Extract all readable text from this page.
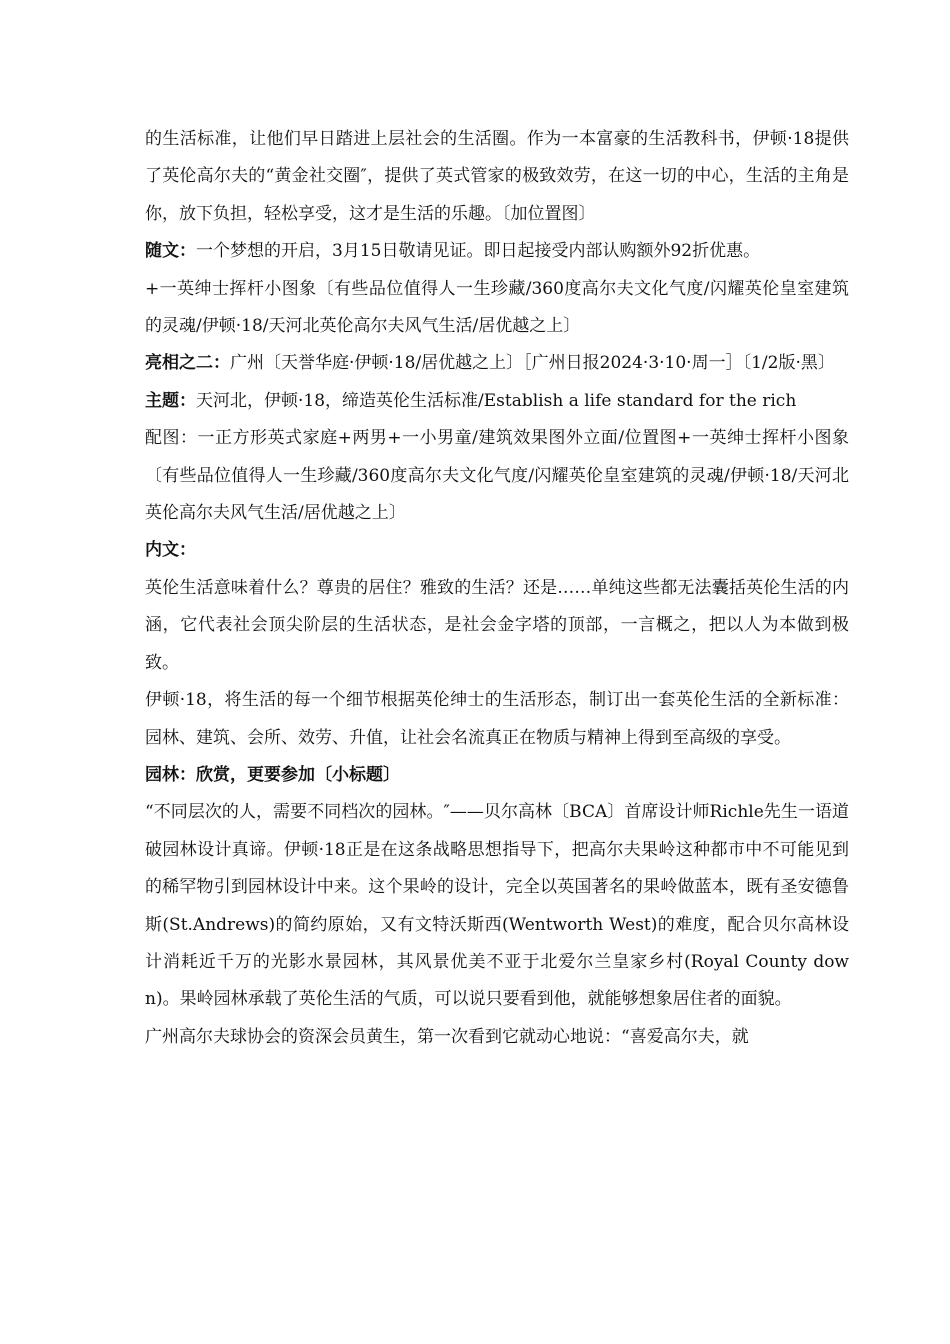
的生活标准，让他们早日踏进上层社会的生活圈。作为一本富豪的生活教科书，伊顿·18提供了英伦高尔夫的“黄金社交圈″，提供了英式管家的极致效劳，在这一切的中心，生活的主角是你，放下负担，轻松享受，这才是生活的乐趣。〔加位置图〕

随文：一个梦想的开启，3月15日敬请见证。即日起接受内部认购额外92折优惠。

+一英绅士挥杆小图象〔有些品位值得人一生珍藏/360度高尔夫文化气度/闪耀英伦皇室建筑的灵魂/伊顿·18/天河北英伦高尔夫风气生活/居优越之上〕

亮相之二：广州〔天誉华庭·伊顿·18/居优越之上〕［广州日报2024·3·10·周一］〔1/2版·黑〕

主题：天河北，伊顿·18，缔造英伦生活标准/Establish a life standard for the rich

配图：一正方形英式家庭+两男+一小男童/建筑效果图外立面/位置图+一英绅士挥杆小图象〔有些品位值得人一生珍藏/360度高尔夫文化气度/闪耀英伦皇室建筑的灵魂/伊顿·18/天河北英伦高尔夫风气生活/居优越之上〕

内文：

英伦生活意味着什么？尊贵的居住？雅致的生活？还是……单纯这些都无法囊括英伦生活的内涵，它代表社会顶尖阶层的生活状态，是社会金字塔的顶部，一言概之，把以人为本做到极致。

伊顿·18，将生活的每一个细节根据英伦绅士的生活形态，制订出一套英伦生活的全新标准：园林、建筑、会所、效劳、升值，让社会名流真正在物质与精神上得到至高级的享受。

园林：欣赏，更要参加〔小标题〕

“不同层次的人，需要不同档次的园林。″——贝尔高林〔BCA〕首席设计师Richle先生一语道破园林设计真谛。伊顿·18正是在这条战略思想指导下，把高尔夫果岭这种都市中不可能见到的稀罕物引到园林设计中来。这个果岭的设计，完全以英国著名的果岭做蓝本，既有圣安德鲁斯(St.Andrews)的简约原始，又有文特沃斯西(Wentworth West)的难度，配合贝尔高林设计消耗近千万的光影水景园林，其风景优美不亚于北爱尔兰皇家乡村(Royal County down)。果岭园林承载了英伦生活的气质，可以说只要看到他，就能够想象居住者的面貌。

广州高尔夫球协会的资深会员黄生，第一次看到它就动心地说：“喜爱高尔夫，就
